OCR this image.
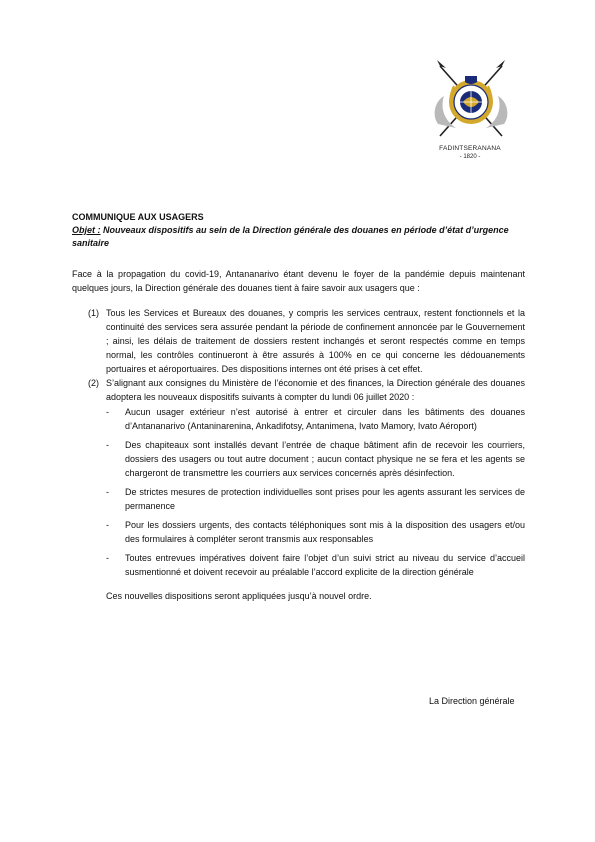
FADINTSERANANA
- 1820 -
COMMUNIQUE AUX USAGERS
Objet : Nouveaux dispositifs au sein de la Direction générale des douanes en période d’état d’urgence sanitaire
Face à la propagation du covid-19, Antananarivo étant devenu le foyer de la pandémie depuis maintenant quelques jours, la Direction générale des douanes tient à faire savoir aux usagers que :
(1) Tous les Services et Bureaux des douanes, y compris les services centraux, restent fonctionnels et la continuité des services sera assurée pendant la période de confinement annoncée par le Gouvernement ; ainsi, les délais de traitement de dossiers restent inchangés et seront respectés comme en temps normal, les contrôles continueront à être assurés à 100% en ce qui concerne les dédouanements portuaires et aéroportuaires. Des dispositions internes ont été prises à cet effet.
(2) S’alignant aux consignes du Ministère de l’économie et des finances, la Direction générale des douanes adoptera les nouveaux dispositifs suivants à compter du lundi 06 juillet 2020 :
- Aucun usager extérieur n’est autorisé à entrer et circuler dans les bâtiments des douanes d’Antananarivo (Antaninarenina, Ankadifotsy, Antanimena, Ivato Mamory, Ivato Aéroport)
- Des chapiteaux sont installés devant l’entrée de chaque bâtiment afin de recevoir les courriers, dossiers des usagers ou tout autre document ; aucun contact physique ne se fera et les agents se chargeront de transmettre les courriers aux services concernés après désinfection.
- De strictes mesures de protection individuelles sont prises pour les agents assurant les services de permanence
- Pour les dossiers urgents, des contacts téléphoniques sont mis à la disposition des usagers et/ou des formulaires à compléter seront transmis aux responsables
- Toutes entrevues impératives doivent faire l’objet d’un suivi strict au niveau du service d’accueil susmentionné et doivent recevoir au préalable l’accord explicite de la direction générale
Ces nouvelles dispositions seront appliquées jusqu’à nouvel ordre.
La Direction générale
